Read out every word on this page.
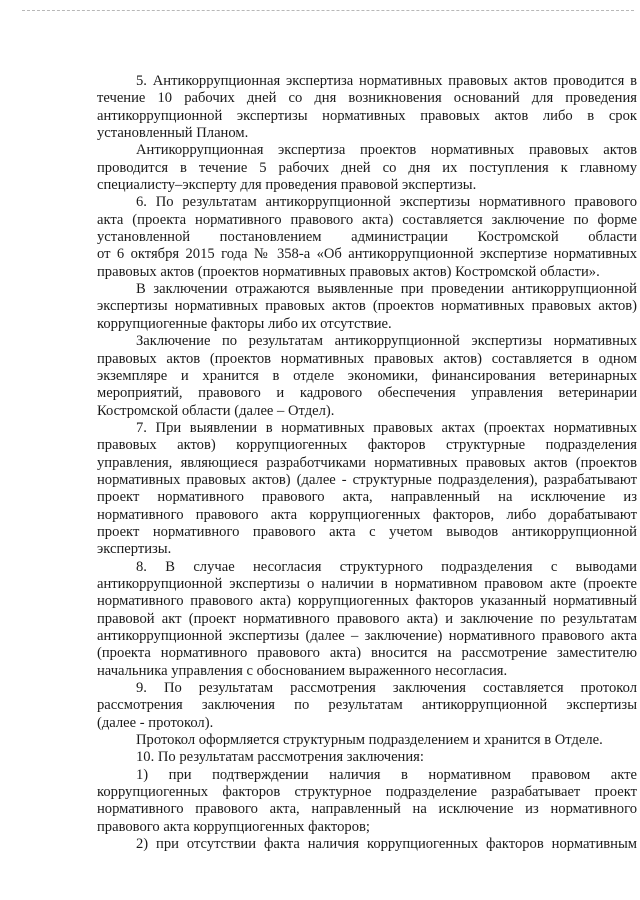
5. Антикоррупционная экспертиза нормативных правовых актов проводится в
течение 10 рабочих дней со дня возникновения оснований для проведения
антикоррупционной экспертизы нормативных правовых актов либо в срок
установленный Планом.
Антикоррупционная экспертиза проектов нормативных правовых актов
проводится в течение 5 рабочих дней со дня их поступления к главному
специалисту–эксперту для проведения правовой экспертизы.
6. По результатам антикоррупционной экспертизы нормативного правового
акта (проекта нормативного правового акта) составляется заключение по форме
установленной постановлением администрации Костромской области
от 6 октября 2015 года № 358-а «Об антикоррупционной экспертизе нормативных
правовых актов (проектов нормативных правовых актов) Костромской области».
В заключении отражаются выявленные при проведении антикоррупционной
экспертизы нормативных правовых актов (проектов нормативных правовых актов)
коррупциогенные факторы либо их отсутствие.
Заключение по результатам антикоррупционной экспертизы нормативных
правовых актов (проектов нормативных правовых актов) составляется в одном
экземпляре и хранится в отделе экономики, финансирования ветеринарных
мероприятий, правового и кадрового обеспечения управления ветеринарии
Костромской области (далее – Отдел).
7. При выявлении в нормативных правовых актах (проектах нормативных
правовых актов) коррупциогенных факторов структурные подразделения
управления, являющиеся разработчиками нормативных правовых актов (проектов
нормативных правовых актов) (далее - структурные подразделения), разрабатывают
проект нормативного правового акта, направленный на исключение из
нормативного правового акта коррупциогенных факторов, либо дорабатывают
проект нормативного правового акта с учетом выводов антикоррупционной
экспертизы.
8. В случае несогласия структурного подразделения с выводами
антикоррупционной экспертизы о наличии в нормативном правовом акте (проекте
нормативного правового акта) коррупциогенных факторов указанный нормативный
правовой акт (проект нормативного правового акта) и заключение по результатам
антикоррупционной экспертизы (далее – заключение) нормативного правового акта
(проекта нормативного правового акта) вносится на рассмотрение заместителю
начальника управления с обоснованием выраженного несогласия.
9. По результатам рассмотрения заключения составляется протокол
рассмотрения заключения по результатам антикоррупционной экспертизы
(далее - протокол).
Протокол оформляется структурным подразделением и хранится в Отделе.
10. По результатам рассмотрения заключения:
1) при подтверждении наличия в нормативном правовом акте
коррупциогенных факторов структурное подразделение разрабатывает проект
нормативного правового акта, направленный на исключение из нормативного
правового акта коррупциогенных факторов;
2) при отсутствии факта наличия коррупциогенных факторов нормативным
